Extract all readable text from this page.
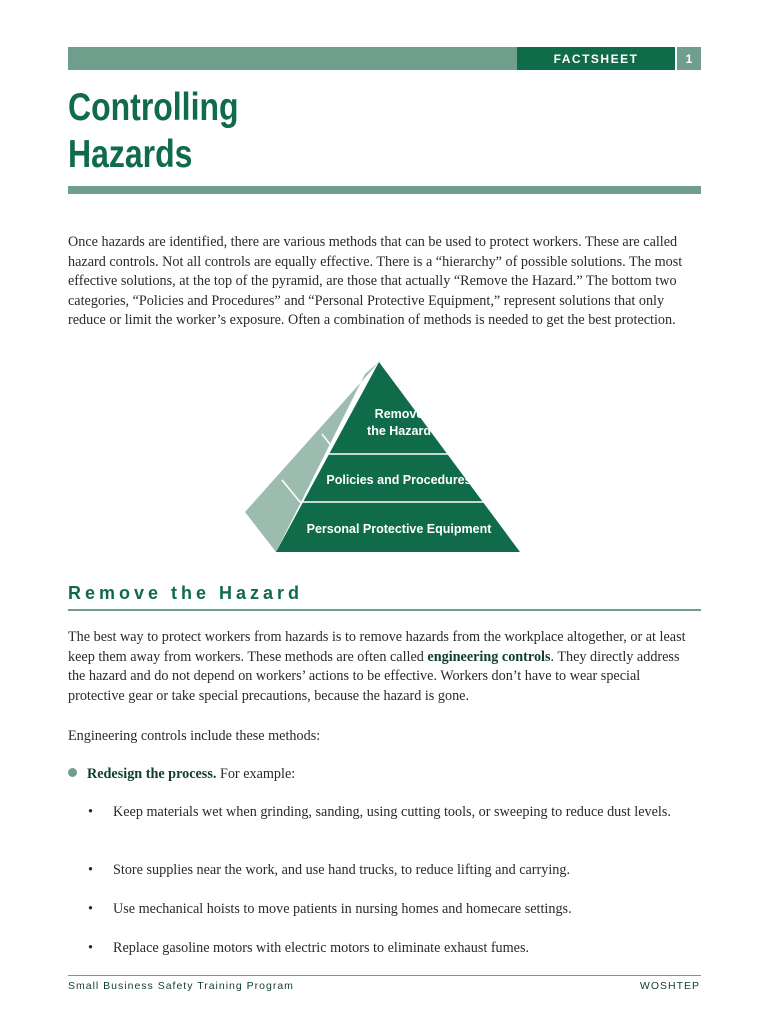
FACTSHEET	1
Controlling
Hazards

Once hazards are identified, there are various methods that can be used to protect workers. These are called hazard controls. Not all controls are equally effective. There is a “hierarchy” of possible solutions. The most effective solutions, at the top of the pyramid, are those that actually “Remove the Hazard.” The bottom two categories, “Policies and Procedures” and “Personal Protective Equipment,” represent solutions that only reduce or limit the worker’s exposure. Often a combination of methods is needed to get the best protection.

Remove
the Hazard
Policies and Procedures
Personal Protective Equipment
Remove the Hazard

The best way to protect workers from hazards is to remove hazards from the workplace altogether, or at least keep them away from workers. These methods are often called engineering controls. They directly address the hazard and do not depend on workers’ actions to be effective. Workers don’t have to wear special protective gear or take special precautions, because the hazard is gone.

Engineering controls include these methods:

Redesign the process. For example:

•	Keep materials wet when grinding, sanding, using cutting tools, or sweeping to reduce dust levels.

•	Store supplies near the work, and use hand trucks, to reduce lifting and carrying.

•	Use mechanical hoists to move patients in nursing homes and homecare settings.

•	Replace gasoline motors with electric motors to eliminate exhaust fumes.

Small Business Safety Training Program	WOSHTEP
